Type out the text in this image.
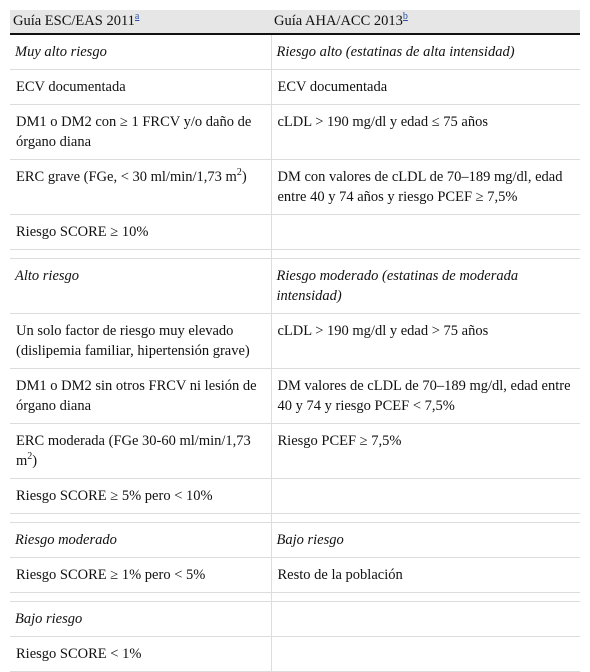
Guía ESC/EAS 2011$^a$	Guía AHA/ACC 2013$^b$
Muy alto riesgo	Riesgo alto (estatinas de alta intensidad)
ECV documentada	ECV documentada
DM1 o DM2 con ≥ 1 FRCV y/o daño de órgano diana	cLDL > 190 mg/dl y edad ≤ 75 años
ERC grave (FGe, < 30 ml/min/1,73 $m^2$)	DM con valores de cLDL de 70–189 mg/dl, edad entre 40 y 74 años y riesgo PCEF ≥ 7,5%
Riesgo SCORE ≥ 10%	

Alto riesgo	Riesgo moderado (estatinas de moderada intensidad)
Un solo factor de riesgo muy elevado (dislipemia familiar, hipertensión grave)	cLDL > 190 mg/dl y edad > 75 años
DM1 o DM2 sin otros FRCV ni lesión de órgano diana	DM valores de cLDL de 70–189 mg/dl, edad entre 40 y 74 y riesgo PCEF < 7,5%
ERC moderada (FGe 30-60 ml/min/1,73 $m^2$)	Riesgo PCEF ≥ 7,5%
Riesgo SCORE ≥ 5% pero < 10%	

Riesgo moderado	Bajo riesgo
Riesgo SCORE ≥ 1% pero < 5%	Resto de la población

Bajo riesgo	
Riesgo SCORE < 1%	
